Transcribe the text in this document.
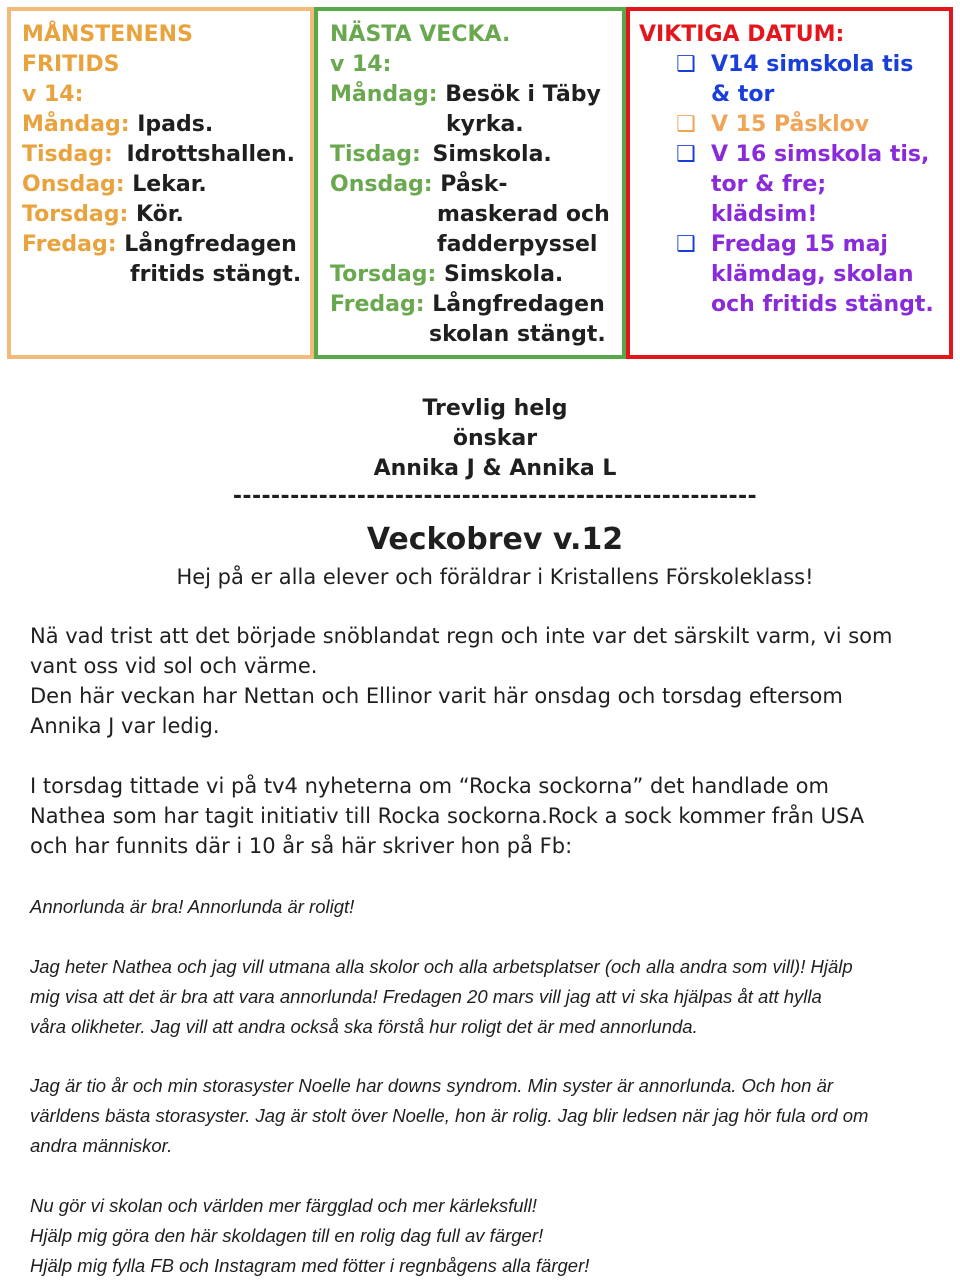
MÅNSTENENS
FRITIDS
v 14:
Måndag: Ipads.
Tisdag: Idrottshallen.
Onsdag: Lekar.
Torsdag: Kör.
Fredag: Långfredagen
fritids stängt.
NÄSTA VECKA.
v 14:
Måndag: Besök i Täby
kyrka.
Tisdag: Simskola.
Onsdag: Påsk-
maskerad och
fadderpyssel
Torsdag: Simskola.
Fredag: Långfredagen
skolan stängt.
VIKTIGA DATUM:
❑ V14 simskola tis
& tor
❑ V 15 Påsklov
❑ V 16 simskola tis,
tor & fre;
klädsim!
❑ Fredag 15 maj
klämdag, skolan
och fritids stängt.
Trevlig helg
önskar
Annika J & Annika L
-------------------------------------------------------
Veckobrev v.12
Hej på er alla elever och föräldrar i Kristallens Förskoleklass!
Nä vad trist att det började snöblandat regn och inte var det särskilt varm, vi som
vant oss vid sol och värme.
Den här veckan har Nettan och Ellinor varit här onsdag och torsdag eftersom
Annika J var ledig.
I torsdag tittade vi på tv4 nyheterna om “Rocka sockorna” det handlade om
Nathea som har tagit initiativ till Rocka sockorna.Rock a sock kommer från USA
och har funnits där i 10 år så här skriver hon på Fb:
Annorlunda är bra! Annorlunda är roligt!
Jag heter Nathea och jag vill utmana alla skolor och alla arbetsplatser (och alla andra som vill)! Hjälp
mig visa att det är bra att vara annorlunda! Fredagen 20 mars vill jag att vi ska hjälpas åt att hylla
våra olikheter. Jag vill att andra också ska förstå hur roligt det är med annorlunda.
Jag är tio år och min storasyster Noelle har downs syndrom. Min syster är annorlunda. Och hon är
världens bästa storasyster. Jag är stolt över Noelle, hon är rolig. Jag blir ledsen när jag hör fula ord om
andra människor.
Nu gör vi skolan och världen mer färgglad och mer kärleksfull!
Hjälp mig göra den här skoldagen till en rolig dag full av färger!
Hjälp mig fylla FB och Instagram med fötter i regnbågens alla färger!
